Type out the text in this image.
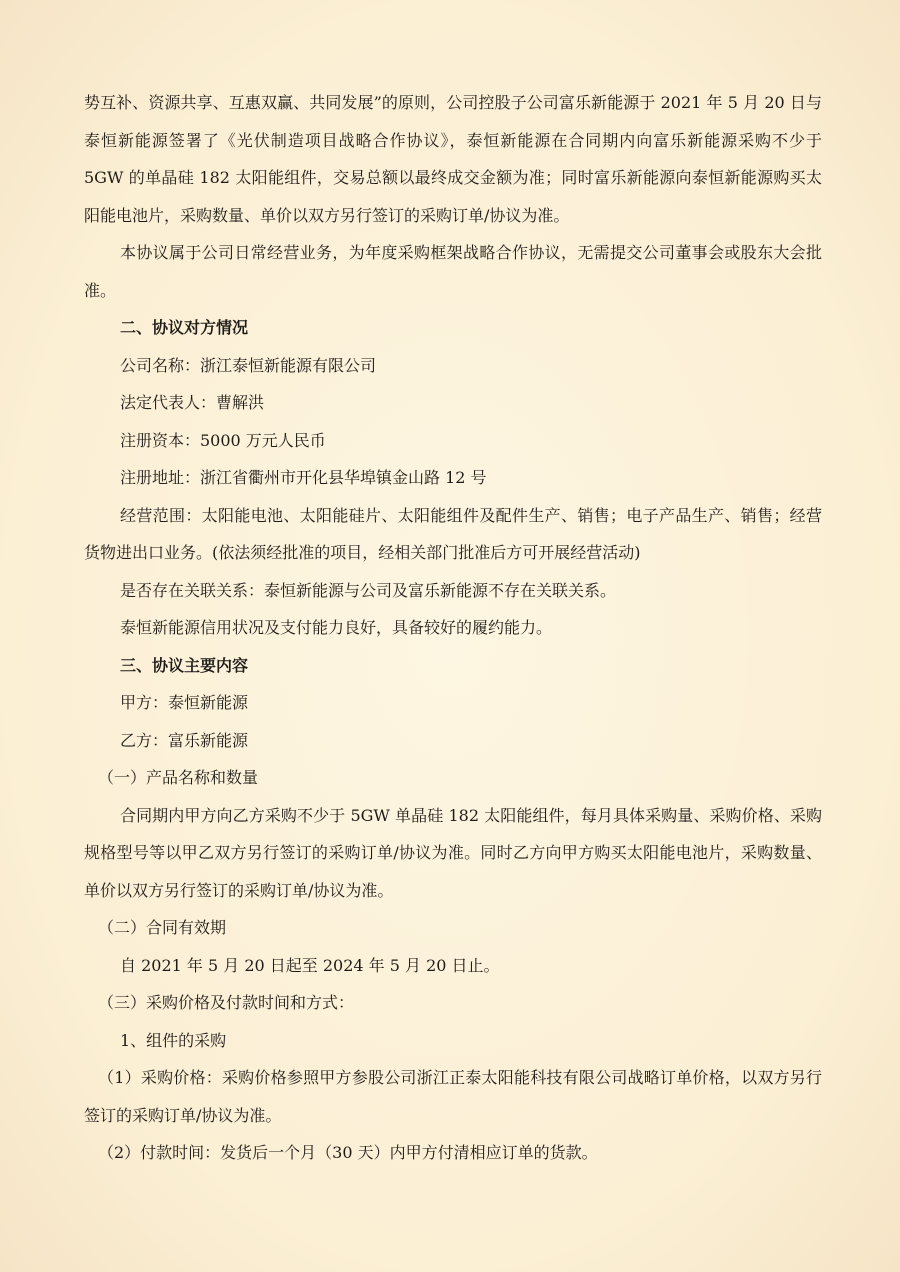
势互补、资源共享、互惠双赢、共同发展”的原则，公司控股子公司富乐新能源于 2021 年 5 月 20 日与泰恒新能源签署了《光伏制造项目战略合作协议》，泰恒新能源在合同期内向富乐新能源采购不少于 5GW 的单晶硅 182 太阳能组件，交易总额以最终成交金额为准；同时富乐新能源向泰恒新能源购买太阳能电池片，采购数量、单价以双方另行签订的采购订单/协议为准。

本协议属于公司日常经营业务，为年度采购框架战略合作协议，无需提交公司董事会或股东大会批准。

二、协议对方情况

公司名称：浙江泰恒新能源有限公司

法定代表人：曹解洪

注册资本：5000 万元人民币

注册地址：浙江省衢州市开化县华埠镇金山路 12 号

经营范围：太阳能电池、太阳能硅片、太阳能组件及配件生产、销售；电子产品生产、销售；经营货物进出口业务。(依法须经批准的项目，经相关部门批准后方可开展经营活动)

是否存在关联关系：泰恒新能源与公司及富乐新能源不存在关联关系。

泰恒新能源信用状况及支付能力良好，具备较好的履约能力。

三、协议主要内容

甲方：泰恒新能源

乙方：富乐新能源

（一）产品名称和数量

合同期内甲方向乙方采购不少于 5GW 单晶硅 182 太阳能组件，每月具体采购量、采购价格、采购规格型号等以甲乙双方另行签订的采购订单/协议为准。同时乙方向甲方购买太阳能电池片，采购数量、单价以双方另行签订的采购订单/协议为准。

（二）合同有效期

自 2021 年 5 月 20 日起至 2024 年 5 月 20 日止。

（三）采购价格及付款时间和方式：

1、组件的采购

（1）采购价格：采购价格参照甲方参股公司浙江正泰太阳能科技有限公司战略订单价格，以双方另行签订的采购订单/协议为准。

（2）付款时间：发货后一个月（30 天）内甲方付清相应订单的货款。
